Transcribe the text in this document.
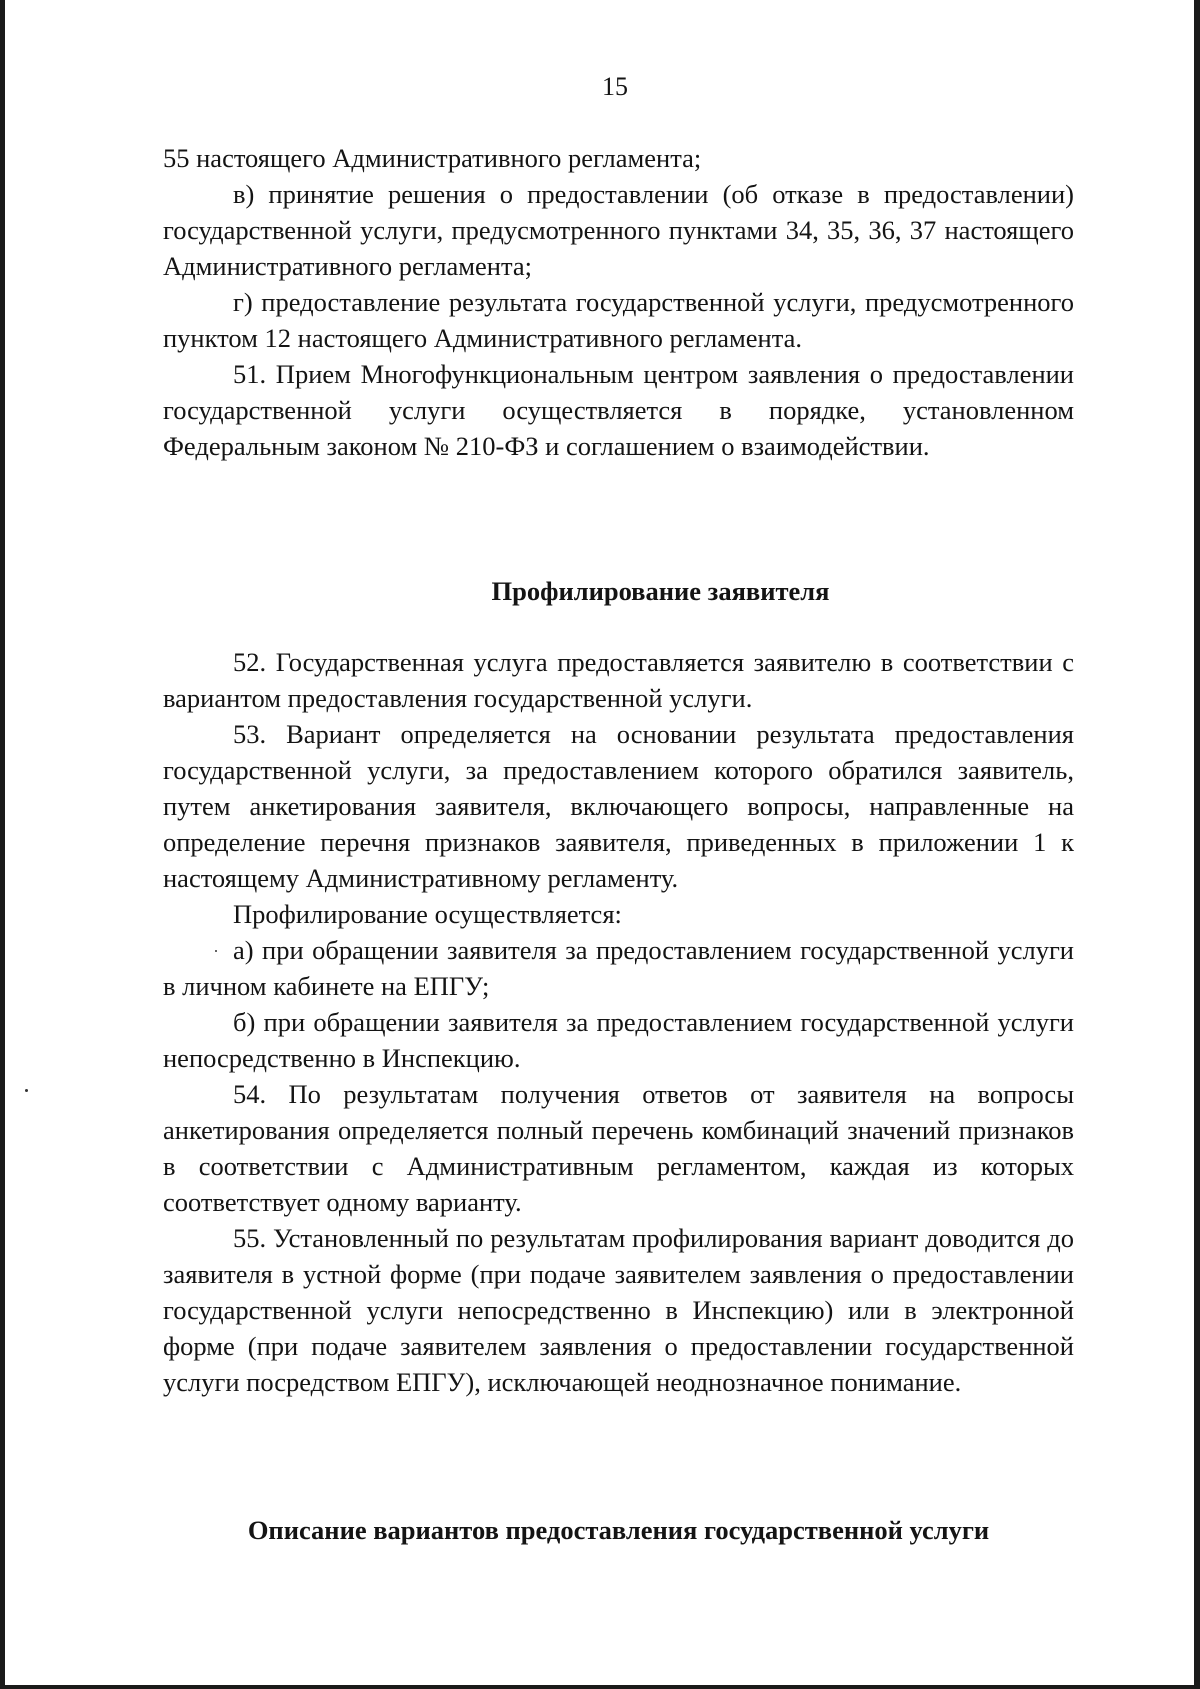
15

55 настоящего Административного регламента;

в) принятие решения о предоставлении (об отказе в предоставлении) государственной услуги, предусмотренного пунктами 34, 35, 36, 37 настоящего Административного регламента;

г) предоставление результата государственной услуги, предусмотренного пунктом 12 настоящего Административного регламента.

51. Прием Многофункциональным центром заявления о предоставлении государственной услуги осуществляется в порядке, установленном Федеральным законом № 210-ФЗ и соглашением о взаимодействии.

Профилирование заявителя

52. Государственная услуга предоставляется заявителю в соответствии с вариантом предоставления государственной услуги.

53. Вариант определяется на основании результата предоставления государственной услуги, за предоставлением которого обратился заявитель, путем анкетирования заявителя, включающего вопросы, направленные на определение перечня признаков заявителя, приведенных в приложении 1 к настоящему Административному регламенту.

Профилирование осуществляется:

а) при обращении заявителя за предоставлением государственной услуги в личном кабинете на ЕПГУ;

б) при обращении заявителя за предоставлением государственной услуги непосредственно в Инспекцию.

54. По результатам получения ответов от заявителя на вопросы анкетирования определяется полный перечень комбинаций значений признаков в соответствии с Административным регламентом, каждая из которых соответствует одному варианту.

55. Установленный по результатам профилирования вариант доводится до заявителя в устной форме (при подаче заявителем заявления о предоставлении государственной услуги непосредственно в Инспекцию) или в электронной форме (при подаче заявителем заявления о предоставлении государственной услуги посредством ЕПГУ), исключающей неоднозначное понимание.

Описание вариантов предоставления государственной услуги
